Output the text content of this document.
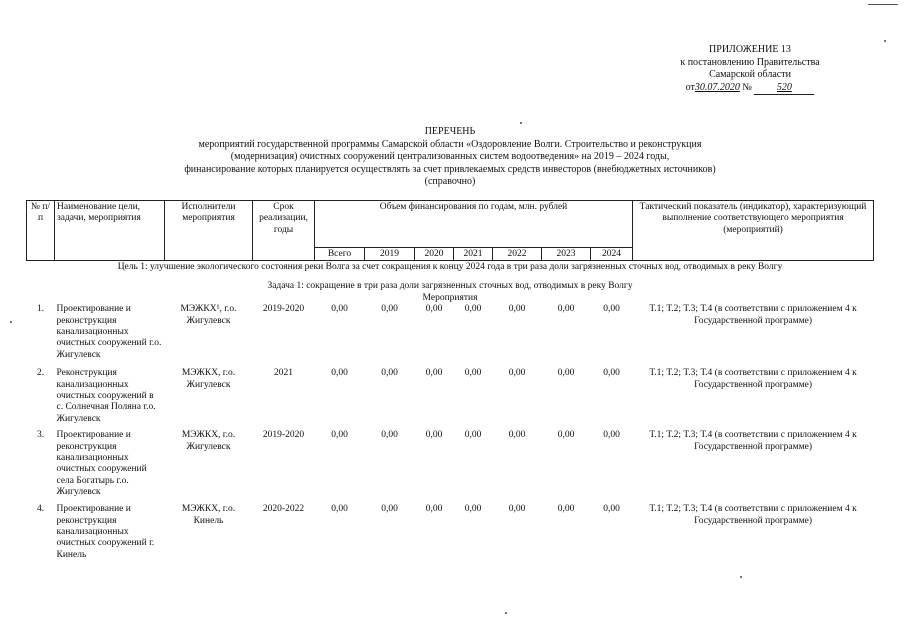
ПРИЛОЖЕНИЕ 13
к постановлению Правительства
Самарской области
от30.07.2020 №	520
ПЕРЕЧЕНЬ
мероприятий государственной программы Самарской области «Оздоровление Волги. Строительство и реконструкция
(модернизация) очистных сооружений централизованных систем водоотведения» на 2019 – 2024 годы,
финансирование которых планируется осуществлять за счет привлекаемых средств инвесторов (внебюджетных источников)
(справочно)
№ п/п	Наименование цели, задачи, мероприятия	Исполнители мероприятия	Срок реализации, годы	Объем финансирования по годам, млн. рублей							Тактический показатель (индикатор), характеризующий выполнение соответствующего мероприятия (мероприятий)
				Всего	2019	2020	2021	2022	2023	2024	
Цель 1: улучшение экологического состояния реки Волга за счет сокращения к концу 2024 года в три раза доли загрязненных сточных вод, отводимых в реку Волгу											
Задача 1: сокращение в три раза доли загрязненных сточных вод, отводимых в реку Волгу											
Мероприятия											
1.	Проектирование и реконструкция канализационных очистных сооружений г.о. Жигулевск	МЭЖКХ¹, г.о. Жигулевск	2019-2020	0,00	0,00	0,00	0,00	0,00	0,00	0,00	Т.1; Т.2; Т.3; Т.4 (в соответствии с приложением 4 к Государственной программе)
2.	Реконструкция канализационных очистных сооружений в с. Солнечная Поляна г.о. Жигулевск	МЭЖКХ, г.о. Жигулевск	2021	0,00	0,00	0,00	0,00	0,00	0,00	0,00	Т.1; Т.2; Т.3; Т.4 (в соответствии с приложением 4 к Государственной программе)
3.	Проектирование и реконструкция канализационных очистных сооружений села Богатырь г.о. Жигулевск	МЭЖКХ, г.о. Жигулевск	2019-2020	0,00	0,00	0,00	0,00	0,00	0,00	0,00	Т.1; Т.2; Т.3; Т.4 (в соответствии с приложением 4 к Государственной программе)
4.	Проектирование и реконструкция канализационных очистных сооружений г. Кинель	МЭЖКХ, г.о. Кинель	2020-2022	0,00	0,00	0,00	0,00	0,00	0,00	0,00	Т.1; Т.2; Т.3; Т.4 (в соответствии с приложением 4 к Государственной программе)
